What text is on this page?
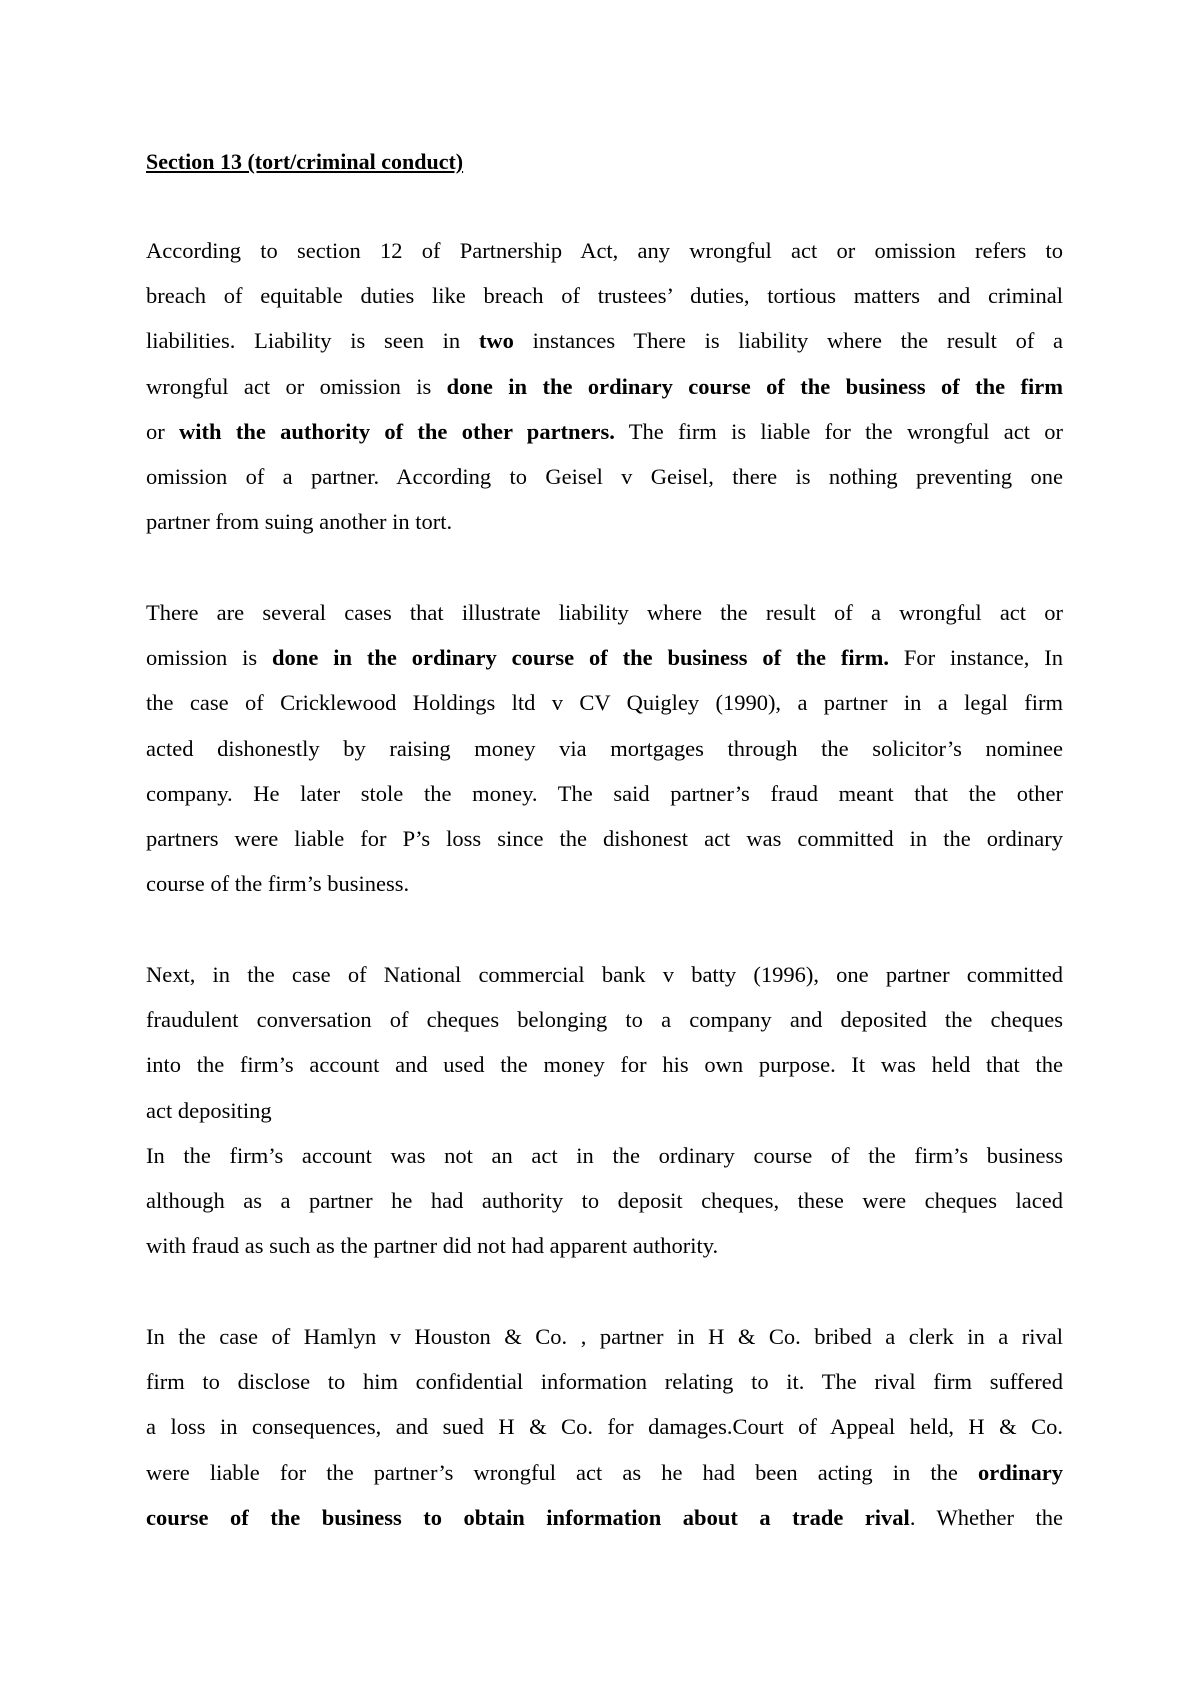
Section 13 (tort/criminal conduct)
According to section 12 of Partnership Act, any wrongful act or omission refers to
breach of equitable duties like breach of trustees’ duties, tortious matters and criminal
liabilities. Liability is seen in two instances There is liability where the result of a
wrongful act or omission is done in the ordinary course of the business of the firm
or with the authority of the other partners. The firm is liable for the wrongful act or
omission of a partner. According to Geisel v Geisel, there is nothing preventing one
partner from suing another in tort.
There are several cases that illustrate liability where the result of a wrongful act or
omission is done in the ordinary course of the business of the firm. For instance, In
the case of Cricklewood Holdings ltd v CV Quigley (1990), a partner in a legal firm
acted dishonestly by raising money via mortgages through the solicitor’s nominee
company. He later stole the money. The said partner’s fraud meant that the other
partners were liable for P’s loss since the dishonest act was committed in the ordinary
course of the firm’s business.
Next, in the case of National commercial bank v batty (1996), one partner committed
fraudulent conversation of cheques belonging to a company and deposited the cheques
into the firm’s account and used the money for his own purpose. It was held that the
act depositing
In the firm’s account was not an act in the ordinary course of the firm’s business
although as a partner he had authority to deposit cheques, these were cheques laced
with fraud as such as the partner did not had apparent authority.
In the case of Hamlyn v Houston & Co. , partner in H & Co. bribed a clerk in a rival
firm to disclose to him confidential information relating to it. The rival firm suffered
a loss in consequences, and sued H & Co. for damages.Court of Appeal held, H & Co.
were liable for the partner’s wrongful act as he had been acting in the ordinary
course of the business to obtain information about a trade rival. Whether the
